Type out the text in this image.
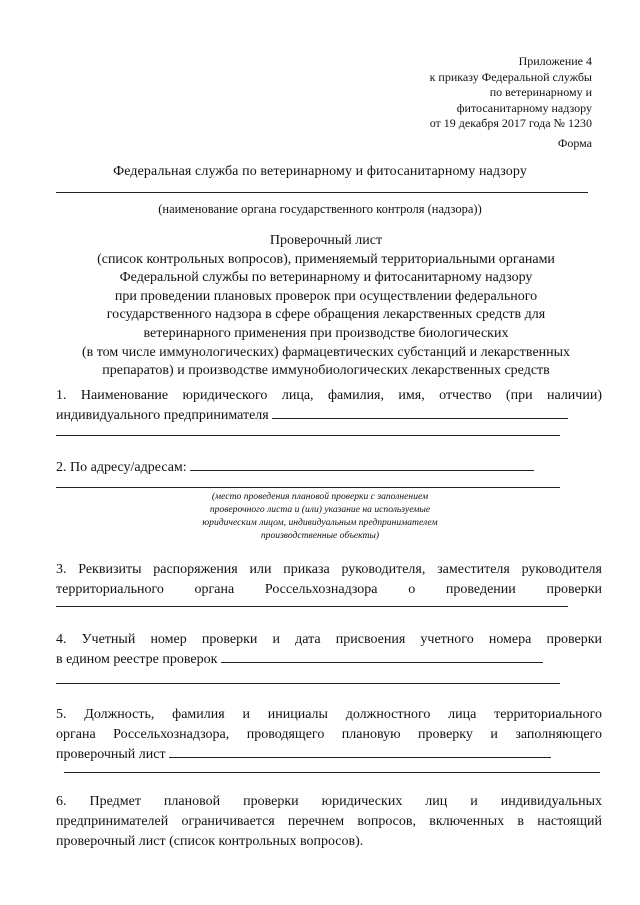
Приложение 4
к приказу Федеральной службы
по ветеринарному и
фитосанитарному надзору
от 19 декабря 2017 года № 1230
Форма
Федеральная служба по ветеринарному и фитосанитарному надзору
(наименование органа государственного контроля (надзора))
Проверочный лист
(список контрольных вопросов), применяемый территориальными органами
Федеральной службы по ветеринарному и фитосанитарному надзору
при проведении плановых проверок при осуществлении федерального
государственного надзора в сфере обращения лекарственных средств для
ветеринарного применения при производстве биологических
(в том числе иммунологических) фармацевтических субстанций и лекарственных
препаратов) и производстве иммунобиологических лекарственных средств
1. Наименование юридического лица, фамилия, имя, отчество (при наличии)
индивидуального предпринимателя
2. По адресу/адресам:
(место проведения плановой проверки с заполнением
проверочного листа и (или) указание на используемые
юридическим лицом, индивидуальным предпринимателем
производственные объекты)
3. Реквизиты распоряжения или приказа руководителя, заместителя руководителя
территориального органа Россельхознадзора о проведении проверки
4. Учетный номер проверки и дата присвоения учетного номера проверки
в едином реестре проверок
5. Должность, фамилия и инициалы должностного лица территориального
органа Россельхознадзора, проводящего плановую проверку и заполняющего
проверочный лист
6. Предмет плановой проверки юридических лиц и индивидуальных
предпринимателей ограничивается перечнем вопросов, включенных в настоящий
проверочный лист (список контрольных вопросов).
